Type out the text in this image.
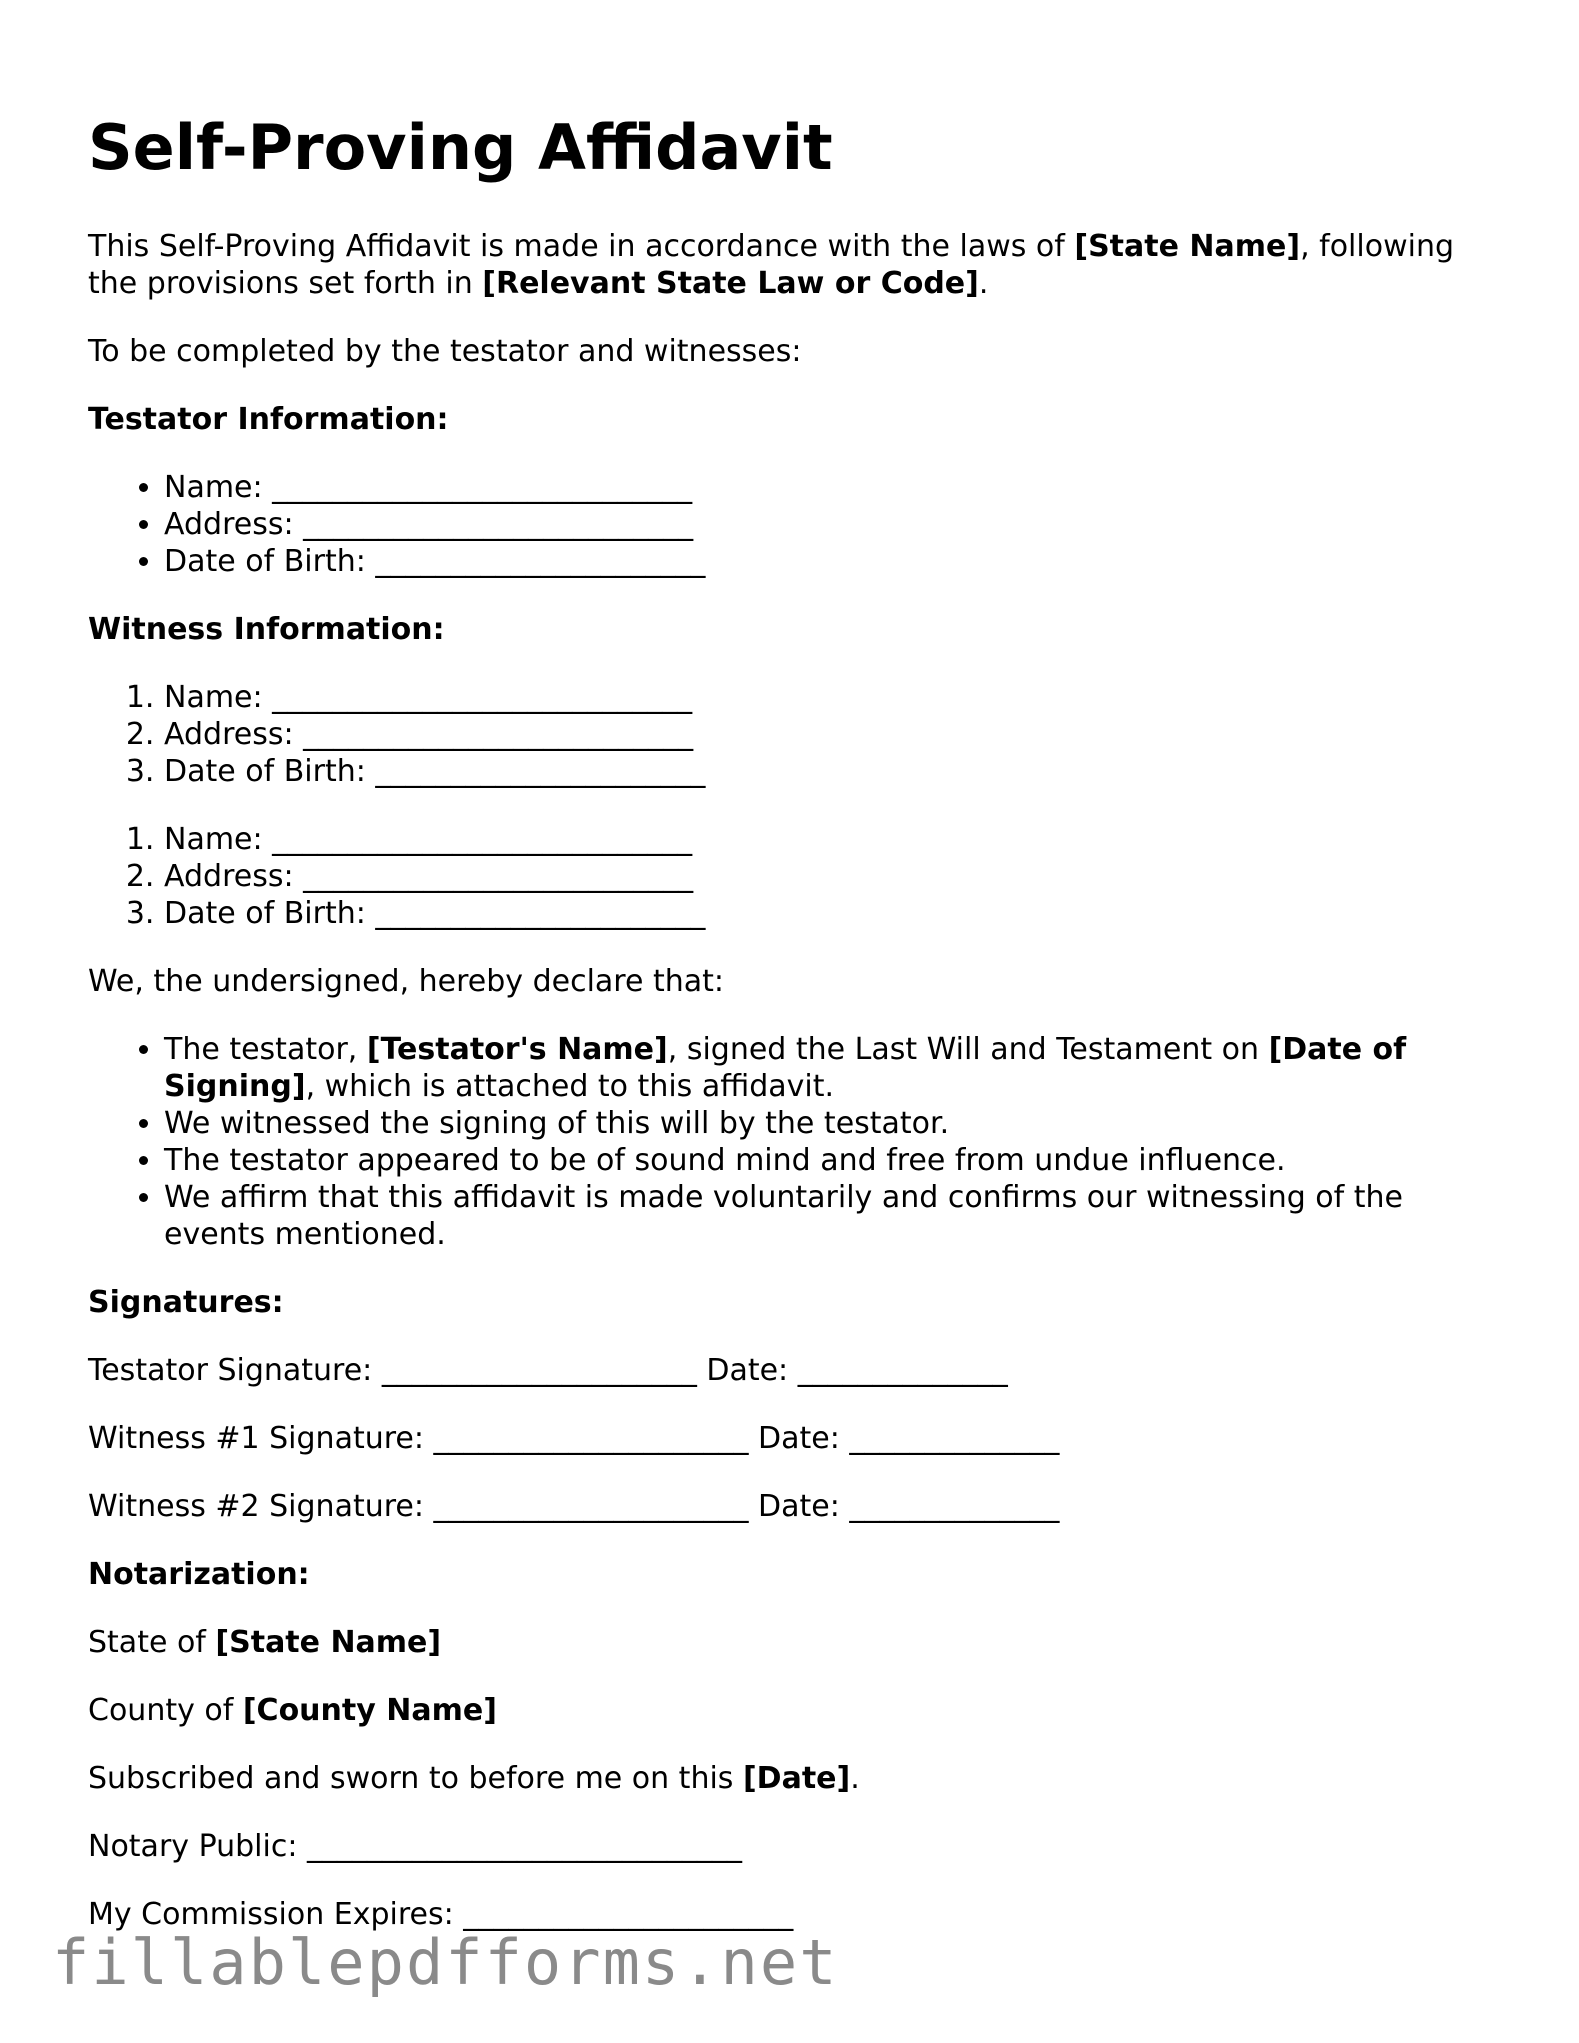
Self-Proving Affidavit

This Self-Proving Affidavit is made in accordance with the laws of [State Name], following the provisions set forth in [Relevant State Law or Code].

To be completed by the testator and witnesses:

Testator Information:
• Name: ____________________________
• Address: __________________________
• Date of Birth: ______________________
Witness Information:
1. Name: ____________________________
2. Address: __________________________
3. Date of Birth: ______________________
1. Name: ____________________________
2. Address: __________________________
3. Date of Birth: ______________________

We, the undersigned, hereby declare that:

• The testator, [Testator's Name], signed the Last Will and Testament on [Date of Signing], which is attached to this affidavit.
• We witnessed the signing of this will by the testator.
• The testator appeared to be of sound mind and free from undue influence.
• We affirm that this affidavit is made voluntarily and confirms our witnessing of the events mentioned.
Signatures:

Testator Signature: _____________________ Date: ______________

Witness #1 Signature: _____________________ Date: ______________

Witness #2 Signature: _____________________ Date: ______________

Notarization:

State of [State Name]

County of [County Name]

Subscribed and sworn to before me on this [Date].

Notary Public: _____________________________

My Commission Expires: ______________________

fillablepdfforms.net
